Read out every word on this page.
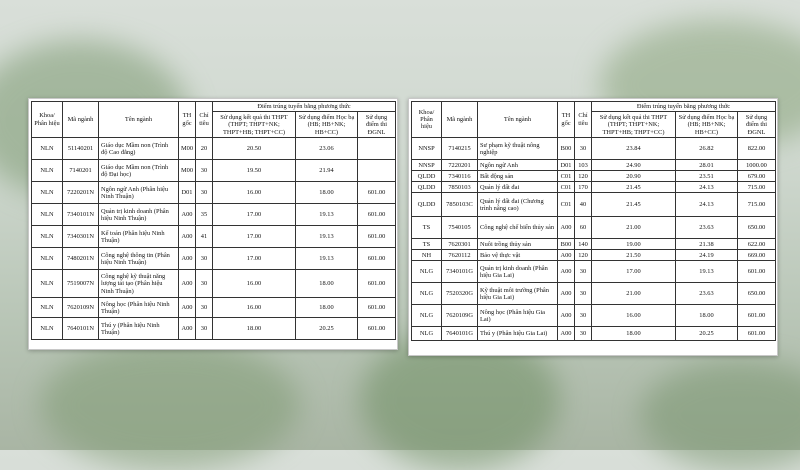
Khoa/ Phân hiệu	Mã ngành	Tên ngành	TH gốc	Chỉ tiêu	Điểm trúng tuyển bằng phương thức		
					Sử dụng kết quả thi THPT (THPT; THPT+NK; THPT+HB; THPT+CC)	Sử dụng điểm Học bạ (HB; HB+NK; HB+CC)	Sử dụng điểm thi ĐGNL
NLN	51140201	Giáo dục Mầm non (Trình độ Cao đẳng)	M00	20	20.50	23.06	
NLN	7140201	Giáo dục Mầm non (Trình độ Đại học)	M00	30	19.50	21.94	
NLN	7220201N	Ngôn ngữ Anh (Phân hiệu Ninh Thuận)	D01	30	16.00	18.00	601.00
NLN	7340101N	Quản trị kinh doanh (Phân hiệu Ninh Thuận)	A00	35	17.00	19.13	601.00
NLN	7340301N	Kế toán (Phân hiệu Ninh Thuận)	A00	41	17.00	19.13	601.00
NLN	7480201N	Công nghệ thông tin (Phân hiệu Ninh Thuận)	A00	30	17.00	19.13	601.00
NLN	7519007N	Công nghệ kỹ thuật năng lượng tái tạo (Phân hiệu Ninh Thuận)	A00	30	16.00	18.00	601.00
NLN	7620109N	Nông học (Phân hiệu Ninh Thuận)	A00	30	16.00	18.00	601.00
NLN	7640101N	Thú y (Phân hiệu Ninh Thuận)	A00	30	18.00	20.25	601.00
Khoa/ Phân hiệu	Mã ngành	Tên ngành	TH gốc	Chỉ tiêu	Điểm trúng tuyển bằng phương thức		
					Sử dụng kết quả thi THPT (THPT; THPT+NK; THPT+HB; THPT+CC)	Sử dụng điểm Học bạ (HB; HB+NK; HB+CC)	Sử dụng điểm thi ĐGNL
NNSP	7140215	Sư phạm kỹ thuật nông nghiệp	B00	30	23.84	26.82	822.00
NNSP	7220201	Ngôn ngữ Anh	D01	103	24.90	28.01	1000.00
QLDD	7340116	Bất động sản	C01	120	20.90	23.51	679.00
QLDD	7850103	Quản lý đất đai	C01	170	21.45	24.13	715.00
QLDD	7850103C	Quản lý đất đai (Chương trình nâng cao)	C01	40	21.45	24.13	715.00
TS	7540105	Công nghệ chế biến thủy sản	A00	60	21.00	23.63	650.00
TS	7620301	Nuôi trồng thủy sản	B00	140	19.00	21.38	622.00
NH	7620112	Bảo vệ thực vật	A00	120	21.50	24.19	669.00
NLG	7340101G	Quản trị kinh doanh (Phân hiệu Gia Lai)	A00	30	17.00	19.13	601.00
NLG	7520320G	Kỹ thuật môi trường (Phân hiệu Gia Lai)	A00	30	21.00	23.63	650.00
NLG	7620109G	Nông học (Phân hiệu Gia Lai)	A00	30	16.00	18.00	601.00
NLG	7640101G	Thú y (Phân hiệu Gia Lai)	A00	30	18.00	20.25	601.00
